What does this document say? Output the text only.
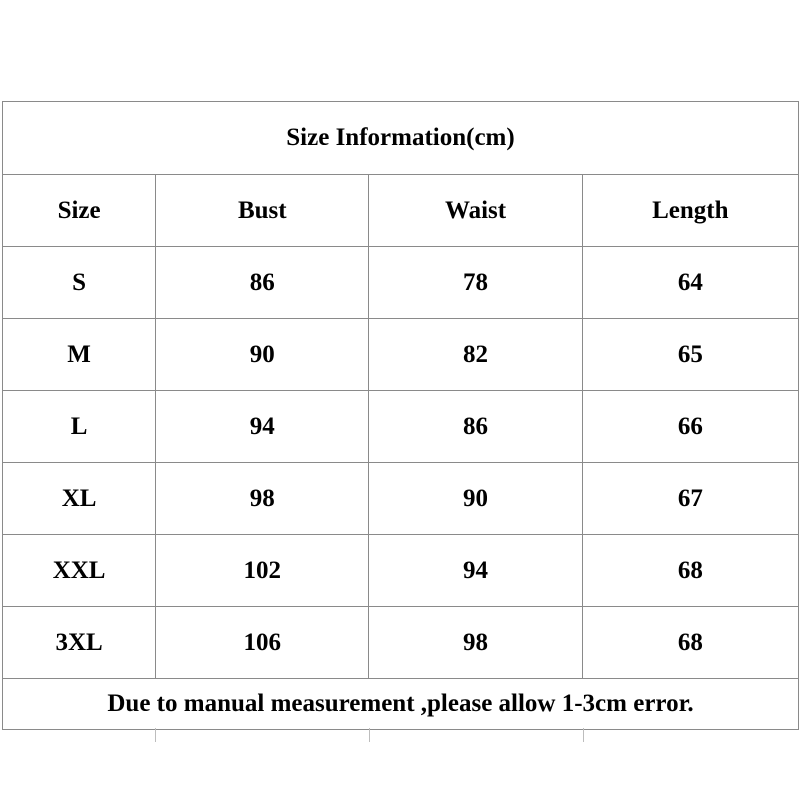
Size Information(cm)			
Size	Bust	Waist	Length
S	86	78	64
M	90	82	65
L	94	86	66
XL	98	90	67
XXL	102	94	68
3XL	106	98	68
Due to manual measurement ,please allow 1-3cm error.			
